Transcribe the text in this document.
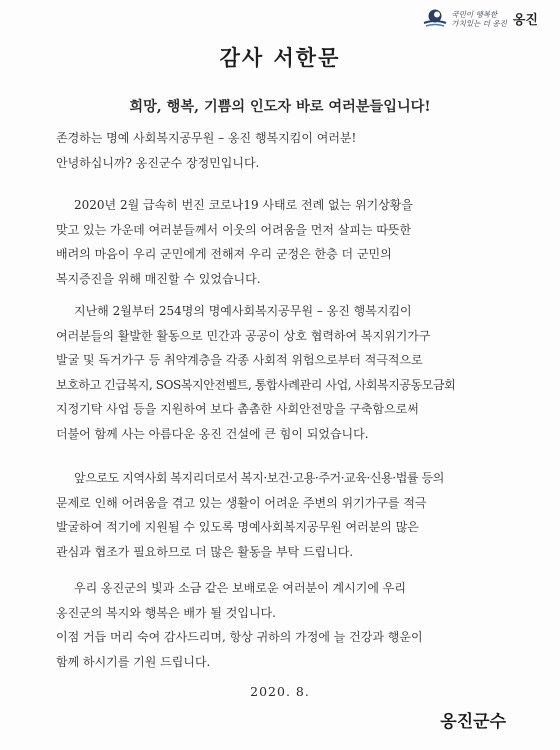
국민이 행복한
가치있는 더 옹진 옹진
감사 서한문
희망, 행복, 기쁨의 인도자 바로 여러분들입니다!
존경하는 명예 사회복지공무원 – 옹진 행복지킴이 여러분!
안녕하십니까? 옹진군수 장정민입니다.
2020년 2월 급속히 번진 코로나19 사태로 전례 없는 위기상황을
맞고 있는 가운데 여러분들께서 이웃의 어려움을 먼저 살피는 따뜻한
배려의 마음이 우리 군민에게 전해져 우리 군정은 한층 더 군민의
복지증진을 위해 매진할 수 있었습니다.
지난해 2월부터 254명의 명예사회복지공무원 – 옹진 행복지킴이
여러분들의 활발한 활동으로 민간과 공공이 상호 협력하여 복지위기가구
발굴 및 독거가구 등 취약계층을 각종 사회적 위험으로부터 적극적으로
보호하고 긴급복지, SOS복지안전벨트, 통합사례관리 사업, 사회복지공동모금회
지정기탁 사업 등을 지원하여 보다 촘촘한 사회안전망을 구축함으로써
더불어 함께 사는 아름다운 옹진 건설에 큰 힘이 되었습니다.
앞으로도 지역사회 복지리더로서 복지·보건·고용·주거·교육·신용·법률 등의
문제로 인해 어려움을 겪고 있는 생활이 어려운 주변의 위기가구를 적극
발굴하여 적기에 지원될 수 있도록 명예사회복지공무원 여러분의 많은
관심과 협조가 필요하므로 더 많은 활동을 부탁 드립니다.
우리 옹진군의 빛과 소금 같은 보배로운 여러분이 계시기에 우리
옹진군의 복지와 행복은 배가 될 것입니다.
이점 거듭 머리 숙여 감사드리며, 항상 귀하의 가정에 늘 건강과 행운이
함께 하시기를 기원 드립니다.
2020. 8.
옹진군수
